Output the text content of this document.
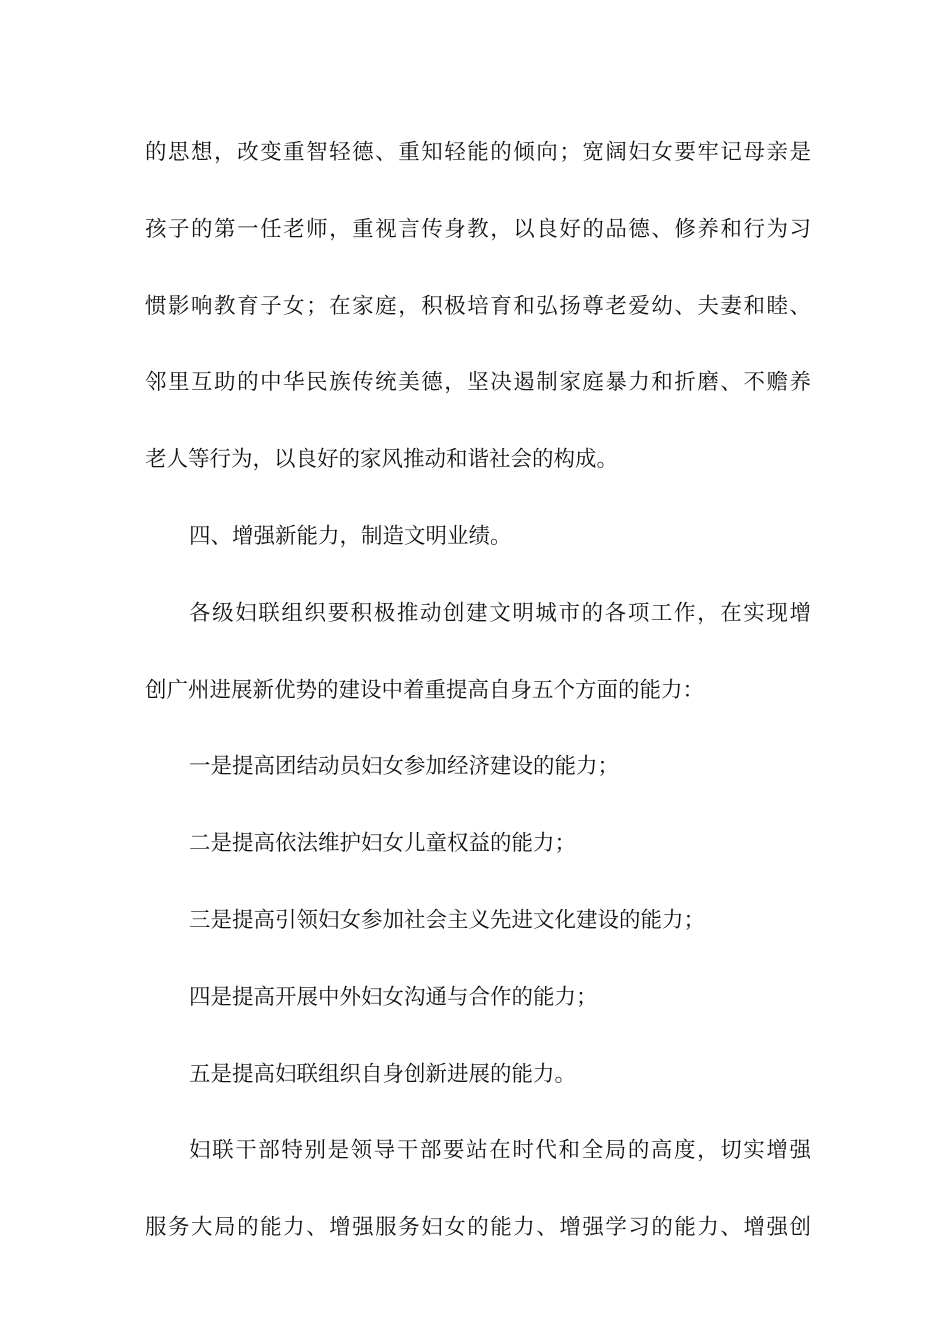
的思想，改变重智轻德、重知轻能的倾向；宽阔妇女要牢记母亲是
孩子的第一任老师，重视言传身教，以良好的品德、修养和行为习
惯影响教育子女；在家庭，积极培育和弘扬尊老爱幼、夫妻和睦、
邻里互助的中华民族传统美德，坚决遏制家庭暴力和折磨、不赡养
老人等行为，以良好的家风推动和谐社会的构成。
四、增强新能力，制造文明业绩。
各级妇联组织要积极推动创建文明城市的各项工作，在实现增
创广州进展新优势的建设中着重提高自身五个方面的能力：
一是提高团结动员妇女参加经济建设的能力；
二是提高依法维护妇女儿童权益的能力；
三是提高引领妇女参加社会主义先进文化建设的能力；
四是提高开展中外妇女沟通与合作的能力；
五是提高妇联组织自身创新进展的能力。
妇联干部特别是领导干部要站在时代和全局的高度，切实增强
服务大局的能力、增强服务妇女的能力、增强学习的能力、增强创
